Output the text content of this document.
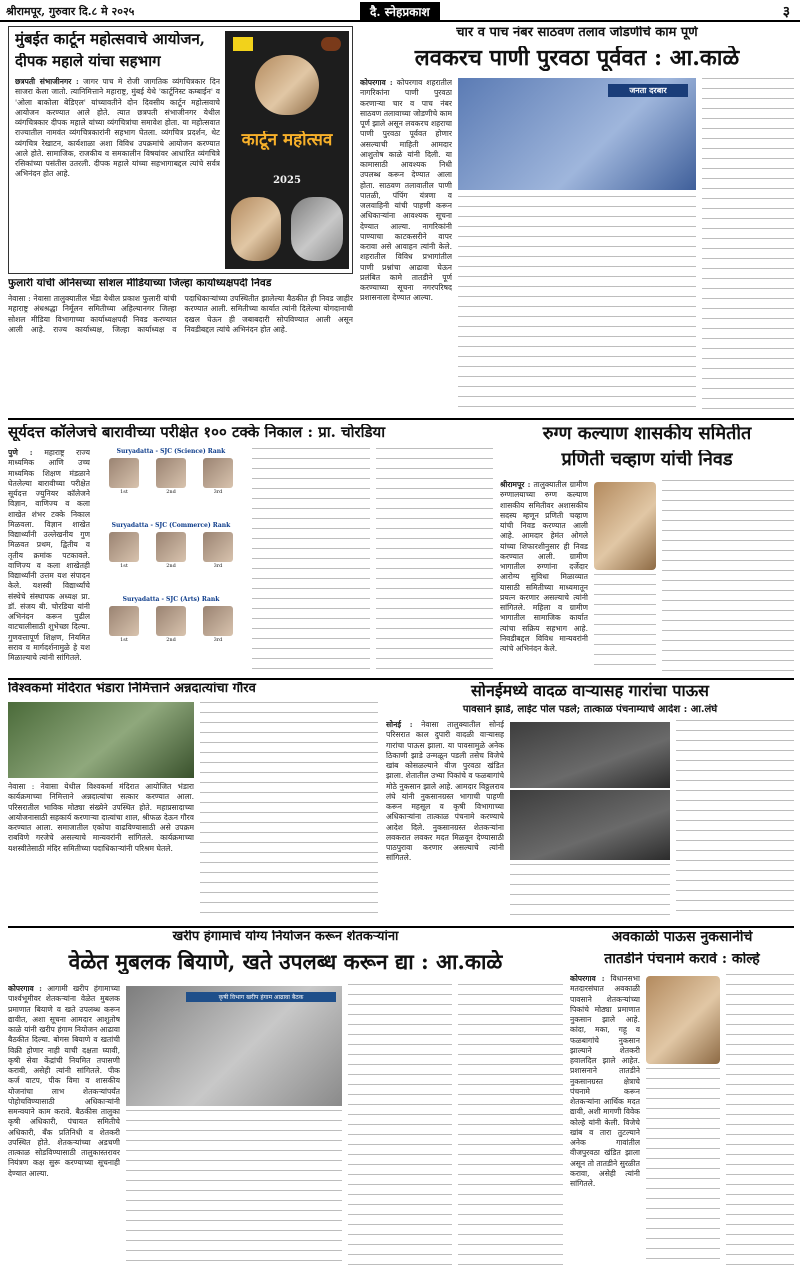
श्रीरामपूर, गुरुवार दि.८ मे २०२५	दै. स्नेहप्रकाश	३
मुंबईत कार्टून महोत्सवाचे आयोजन,
दीपक महाले यांचा सहभाग
छत्रपती संभाजीनगर : जागर पाच मे रोजी जागतिक व्यंगचित्रकार दिन साजरा केला जातो. त्यानिमित्ताने महाराष्ट्र, मुंबई येथे 'कार्टूनिस्ट कम्बाईन' व 'ओला बाकोला बेडिएल' यांच्यावतीने दोन दिवसीय कार्टून महोत्सवाचे आयोजन करण्यात आले होते. त्यात छत्रपती संभाजीनगर येथील व्यंगचित्रकार दीपक महाले यांच्या व्यंगचित्रांचा समावेश होता. या महोत्सवात राज्यातील नामवंत व्यंगचित्रकारांनी सहभाग घेतला. व्यंगचित्र प्रदर्शन, थेट व्यंगचित्र रेखाटन, कार्यशाळा अशा विविध उपक्रमांचे आयोजन करण्यात आले होते. सामाजिक, राजकीय व समकालीन विषयांवर आधारित व्यंगचित्रे रसिकांच्या पसंतीस उतरली. दीपक महाले यांच्या सहभागाबद्दल त्यांचे सर्वत्र अभिनंदन होत आहे.
कार्टून महोत्सव
2025
फुलारी यांची अंनिसच्या सोशल मीडियाच्या जिल्हा कार्याध्यक्षपदी निवड
नेवासा : नेवासा तालुक्यातील भेंडा येथील प्रकाश फुलारी यांची महाराष्ट्र अंधश्रद्धा निर्मूलन समितीच्या अहिल्यानगर जिल्हा सोशल मीडिया विभागाच्या कार्याध्यक्षपदी निवड करण्यात आली आहे. राज्य कार्याध्यक्ष, जिल्हा कार्याध्यक्ष व पदाधिकाऱ्यांच्या उपस्थितीत झालेल्या बैठकीत ही निवड जाहीर करण्यात आली. समितीच्या कार्यात त्यांनी दिलेल्या योगदानाची दखल घेऊन ही जबाबदारी सोपविण्यात आली असून निवडीबद्दल त्यांचे अभिनंदन होत आहे.
चार व पाच नंबर साठवण तलाव जोडणीचे काम पूर्ण
लवकरच पाणी पुरवठा पूर्ववत : आ.काळे
कोपरगाव : कोपरगाव शहरातील नागरिकांना पाणी पुरवठा करणाऱ्या चार व पाच नंबर साठवण तलावाच्या जोडणीचे काम पूर्ण झाले असून लवकरच शहराचा पाणी पुरवठा पूर्ववत होणार असल्याची माहिती आमदार आशुतोष काळे यांनी दिली. या कामासाठी आवश्यक निधी उपलब्ध करून देण्यात आला होता. साठवण तलावातील पाणी पातळी, पंपिंग यंत्रणा व जलवाहिनी यांची पाहणी करून अधिकाऱ्यांना आवश्यक सूचना देण्यात आल्या. नागरिकांनी पाण्याचा काटकसरीने वापर करावा असे आवाहन त्यांनी केले. शहरातील विविध प्रभागांतील पाणी प्रश्नांचा आढावा घेऊन प्रलंबित कामे तातडीने पूर्ण करण्याच्या सूचना नगरपरिषद प्रशासनाला देण्यात आल्या.
जनता दरबार
सूर्यदत्त कॉलेजचे बारावीच्या परीक्षेत १०० टक्के निकाल : प्रा. चोरडिया
पुणे : महाराष्ट्र राज्य माध्यमिक आणि उच्च माध्यमिक शिक्षण मंडळाने घेतलेल्या बारावीच्या परीक्षेत सूर्यदत्त ज्युनियर कॉलेजने विज्ञान, वाणिज्य व कला शाखेत शंभर टक्के निकाल मिळवला. विज्ञान शाखेत विद्यार्थ्यांनी उल्लेखनीय गुण मिळवत प्रथम, द्वितीय व तृतीय क्रमांक पटकावले. वाणिज्य व कला शाखेतही विद्यार्थ्यांनी उत्तम यश संपादन केले. यशस्वी विद्यार्थ्यांचे संस्थेचे संस्थापक अध्यक्ष प्रा. डॉ. संजय बी. चोरडिया यांनी अभिनंदन करून पुढील वाटचालीसाठी शुभेच्छा दिल्या. गुणवत्तापूर्ण शिक्षण, नियमित सराव व मार्गदर्शनामुळे हे यश मिळाल्याचे त्यांनी सांगितले.
Suryadatta - SJC (Science) Rank
1st	2nd	3rd
Suryadatta - SJC (Commerce) Rank
1st	2nd	3rd
Suryadatta - SJC (Arts) Rank
1st	2nd	3rd
रुग्ण कल्याण शासकीय समितीत
प्रणिती चव्हाण यांची निवड
श्रीरामपूर : तालुक्यातील ग्रामीण रुग्णालयाच्या रुग्ण कल्याण शासकीय समितीवर अशासकीय सदस्य म्हणून प्रणिती चव्हाण यांची निवड करण्यात आली आहे. आमदार हेमंत ओगले यांच्या शिफारशीनुसार ही निवड करण्यात आली. ग्रामीण भागातील रुग्णांना दर्जेदार आरोग्य सुविधा मिळाव्यात यासाठी समितीच्या माध्यमातून प्रयत्न करणार असल्याचे त्यांनी सांगितले. महिला व ग्रामीण भागातील सामाजिक कार्यात त्यांचा सक्रिय सहभाग आहे. निवडीबद्दल विविध मान्यवरांनी त्यांचे अभिनंदन केले.
विश्वकर्मा मंदिरात भंडारा निमित्ताने अन्नदात्यांचा गौरव
नेवासा : नेवासा येथील विश्वकर्मा मंदिरात आयोजित भंडारा कार्यक्रमाच्या निमित्ताने अन्नदात्यांचा सत्कार करण्यात आला. परिसरातील भाविक मोठ्या संख्येने उपस्थित होते. महाप्रसादाच्या आयोजनासाठी सहकार्य करणाऱ्या दात्यांचा शाल, श्रीफळ देऊन गौरव करण्यात आला. समाजातील एकोपा वाढविण्यासाठी असे उपक्रम राबविणे गरजेचे असल्याचे मान्यवरांनी सांगितले. कार्यक्रमाच्या यशस्वीतेसाठी मंदिर समितीच्या पदाधिकाऱ्यांनी परिश्रम घेतले.
सोनईमध्ये वादळ वाऱ्यासह गारांचा पाऊस
पावसाने झाडे, लाईट पोल पडले; तात्काळ पंचनाम्याचे आदेश : आ.लंघे
सोनई : नेवासा तालुक्यातील सोनई परिसरात काल दुपारी वादळी वाऱ्यासह गारांचा पाऊस झाला. या पावसामुळे अनेक ठिकाणी झाडे उन्मळून पडली तसेच विजेचे खांब कोसळल्याने वीज पुरवठा खंडित झाला. शेतातील उभ्या पिकांचे व फळबागांचे मोठे नुकसान झाले आहे. आमदार विठ्ठलराव लंघे यांनी नुकसानग्रस्त भागाची पाहणी करून महसूल व कृषी विभागाच्या अधिकाऱ्यांना तात्काळ पंचनामे करण्याचे आदेश दिले. नुकसानग्रस्त शेतकऱ्यांना लवकरात लवकर मदत मिळवून देण्यासाठी पाठपुरावा करणार असल्याचे त्यांनी सांगितले.
खरीप हंगामाचे योग्य नियोजन करून शेतकऱ्यांना
वेळेत मुबलक बियाणे, खते उपलब्ध करून द्या : आ.काळे
कोपरगाव : आगामी खरीप हंगामाच्या पार्श्वभूमीवर शेतकऱ्यांना वेळेत मुबलक प्रमाणात बियाणे व खते उपलब्ध करून द्यावीत, अशा सूचना आमदार आशुतोष काळे यांनी खरीप हंगाम नियोजन आढावा बैठकीत दिल्या. बोगस बियाणे व खतांची विक्री होणार नाही याची दक्षता घ्यावी, कृषी सेवा केंद्रांची नियमित तपासणी करावी, असेही त्यांनी सांगितले. पीक कर्ज वाटप, पीक विमा व शासकीय योजनांचा लाभ शेतकऱ्यांपर्यंत पोहोचविण्यासाठी अधिकाऱ्यांनी समन्वयाने काम करावे. बैठकीस तालुका कृषी अधिकारी, पंचायत समितीचे अधिकारी, बँक प्रतिनिधी व शेतकरी उपस्थित होते. शेतकऱ्यांच्या अडचणी तात्काळ सोडविण्यासाठी तालुकास्तरावर नियंत्रण कक्ष सुरू करण्याच्या सूचनाही देण्यात आल्या.
कृषी विभाग खरीप हंगाम आढावा बैठक
अवकाळी पाऊस नुकसानीचे
तातडीने पंचनामे करावे : कोल्हे
कोपरगाव : विधानसभा मतदारसंघात अवकाळी पावसाने शेतकऱ्यांच्या पिकांचे मोठ्या प्रमाणात नुकसान झाले आहे. कांदा, मका, गहू व फळबागांचे नुकसान झाल्याने शेतकरी हवालदिल झाले आहेत. प्रशासनाने तातडीने नुकसानग्रस्त क्षेत्राचे पंचनामे करून शेतकऱ्यांना आर्थिक मदत द्यावी, अशी मागणी विवेक कोल्हे यांनी केली. विजेचे खांब व तारा तुटल्याने अनेक गावांतील वीजपुरवठा खंडित झाला असून तो तातडीने सुरळीत करावा, असेही त्यांनी सांगितले.
